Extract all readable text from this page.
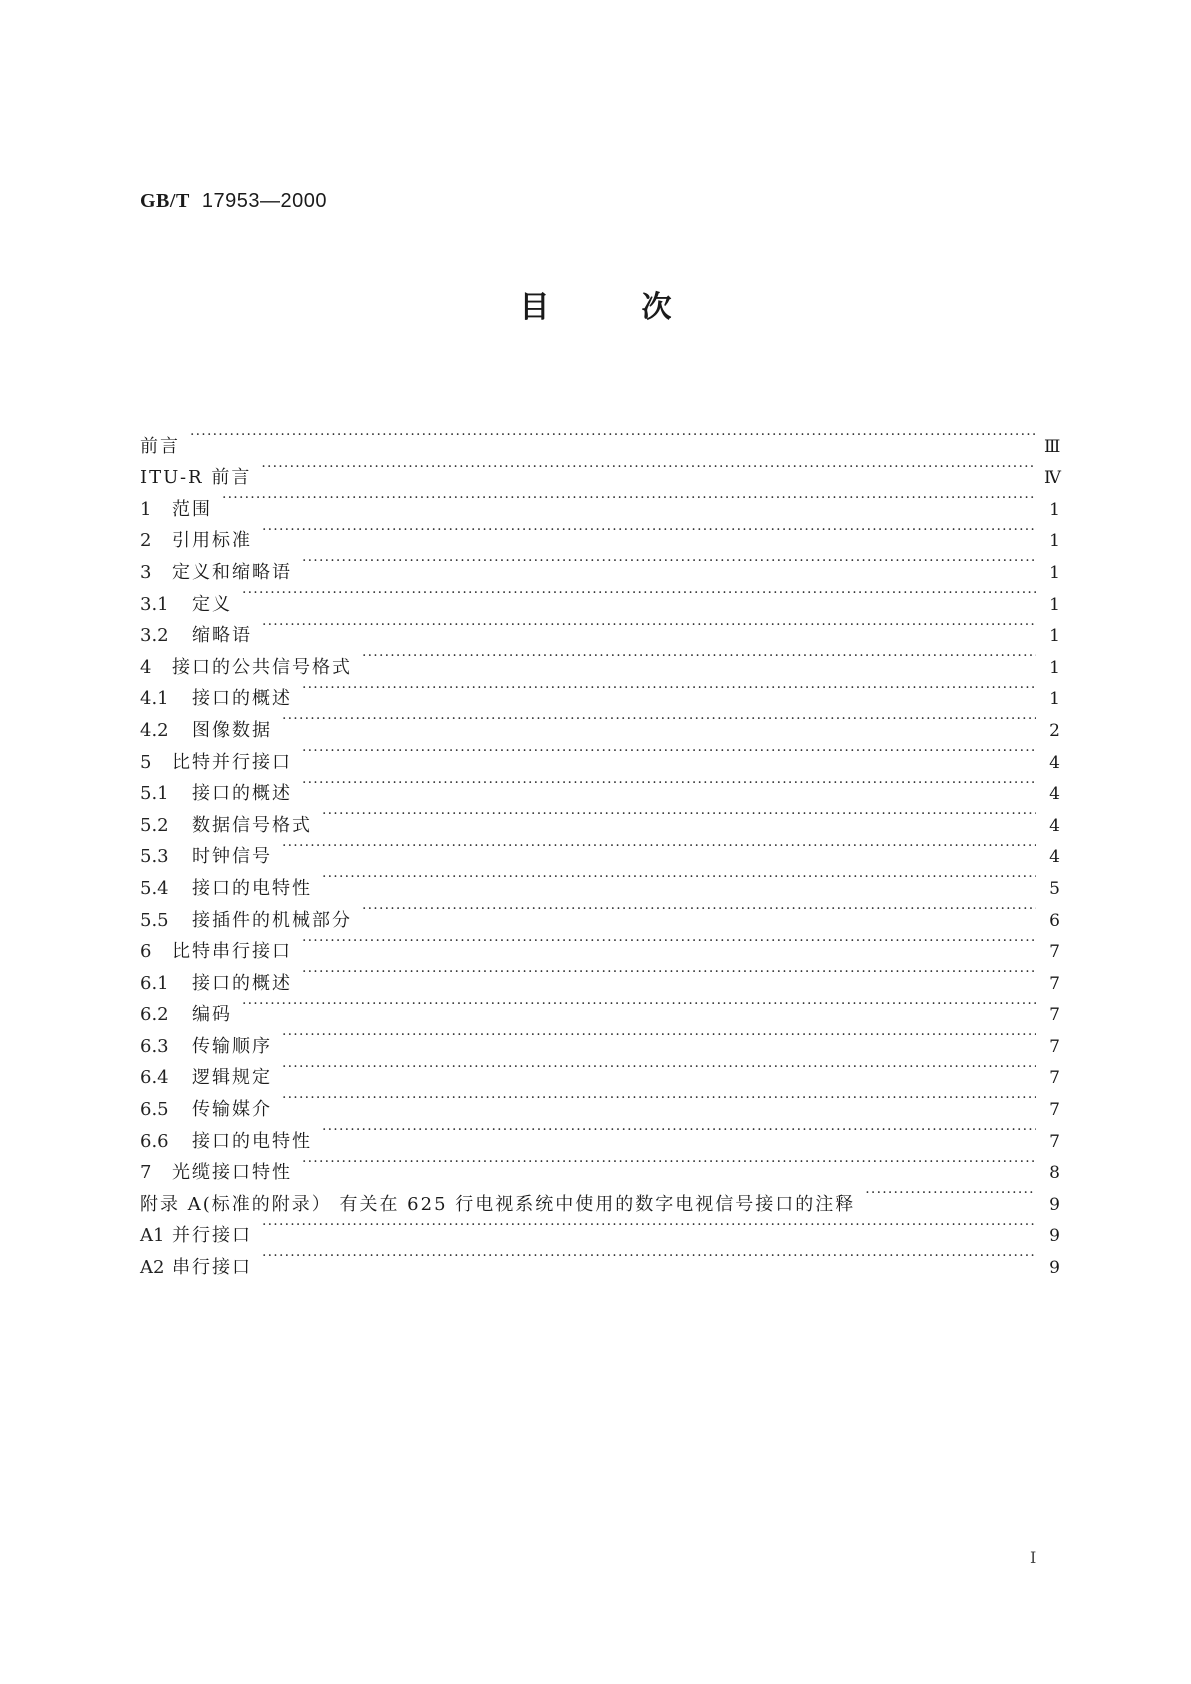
GB/T 17953—2000
目次
前言 ·····	Ⅲ
ITU-R 前言 ·····	Ⅳ
1	范围 ·····	1
2	引用标准 ·····	1
3	定义和缩略语 ·····	1
3.1	定义 ·····	1
3.2	缩略语 ·····	1
4	接口的公共信号格式 ·····	1
4.1	接口的概述 ·····	1
4.2	图像数据 ·····	2
5	比特并行接口 ·····	4
5.1	接口的概述 ·····	4
5.2	数据信号格式 ·····	4
5.3	时钟信号 ·····	4
5.4	接口的电特性 ·····	5
5.5	接插件的机械部分 ·····	6
6	比特串行接口 ·····	7
6.1	接口的概述 ·····	7
6.2	编码 ·····	7
6.3	传输顺序 ·····	7
6.4	逻辑规定 ·····	7
6.5	传输媒介 ·····	7
6.6	接口的电特性 ·····	7
7	光缆接口特性 ·····	8
附录 A(标准的附录） 有关在 625 行电视系统中使用的数字电视信号接口的注释 ·····	9
A1 并行接口 ·····	9
A2 串行接口 ·····	9
Ⅰ
